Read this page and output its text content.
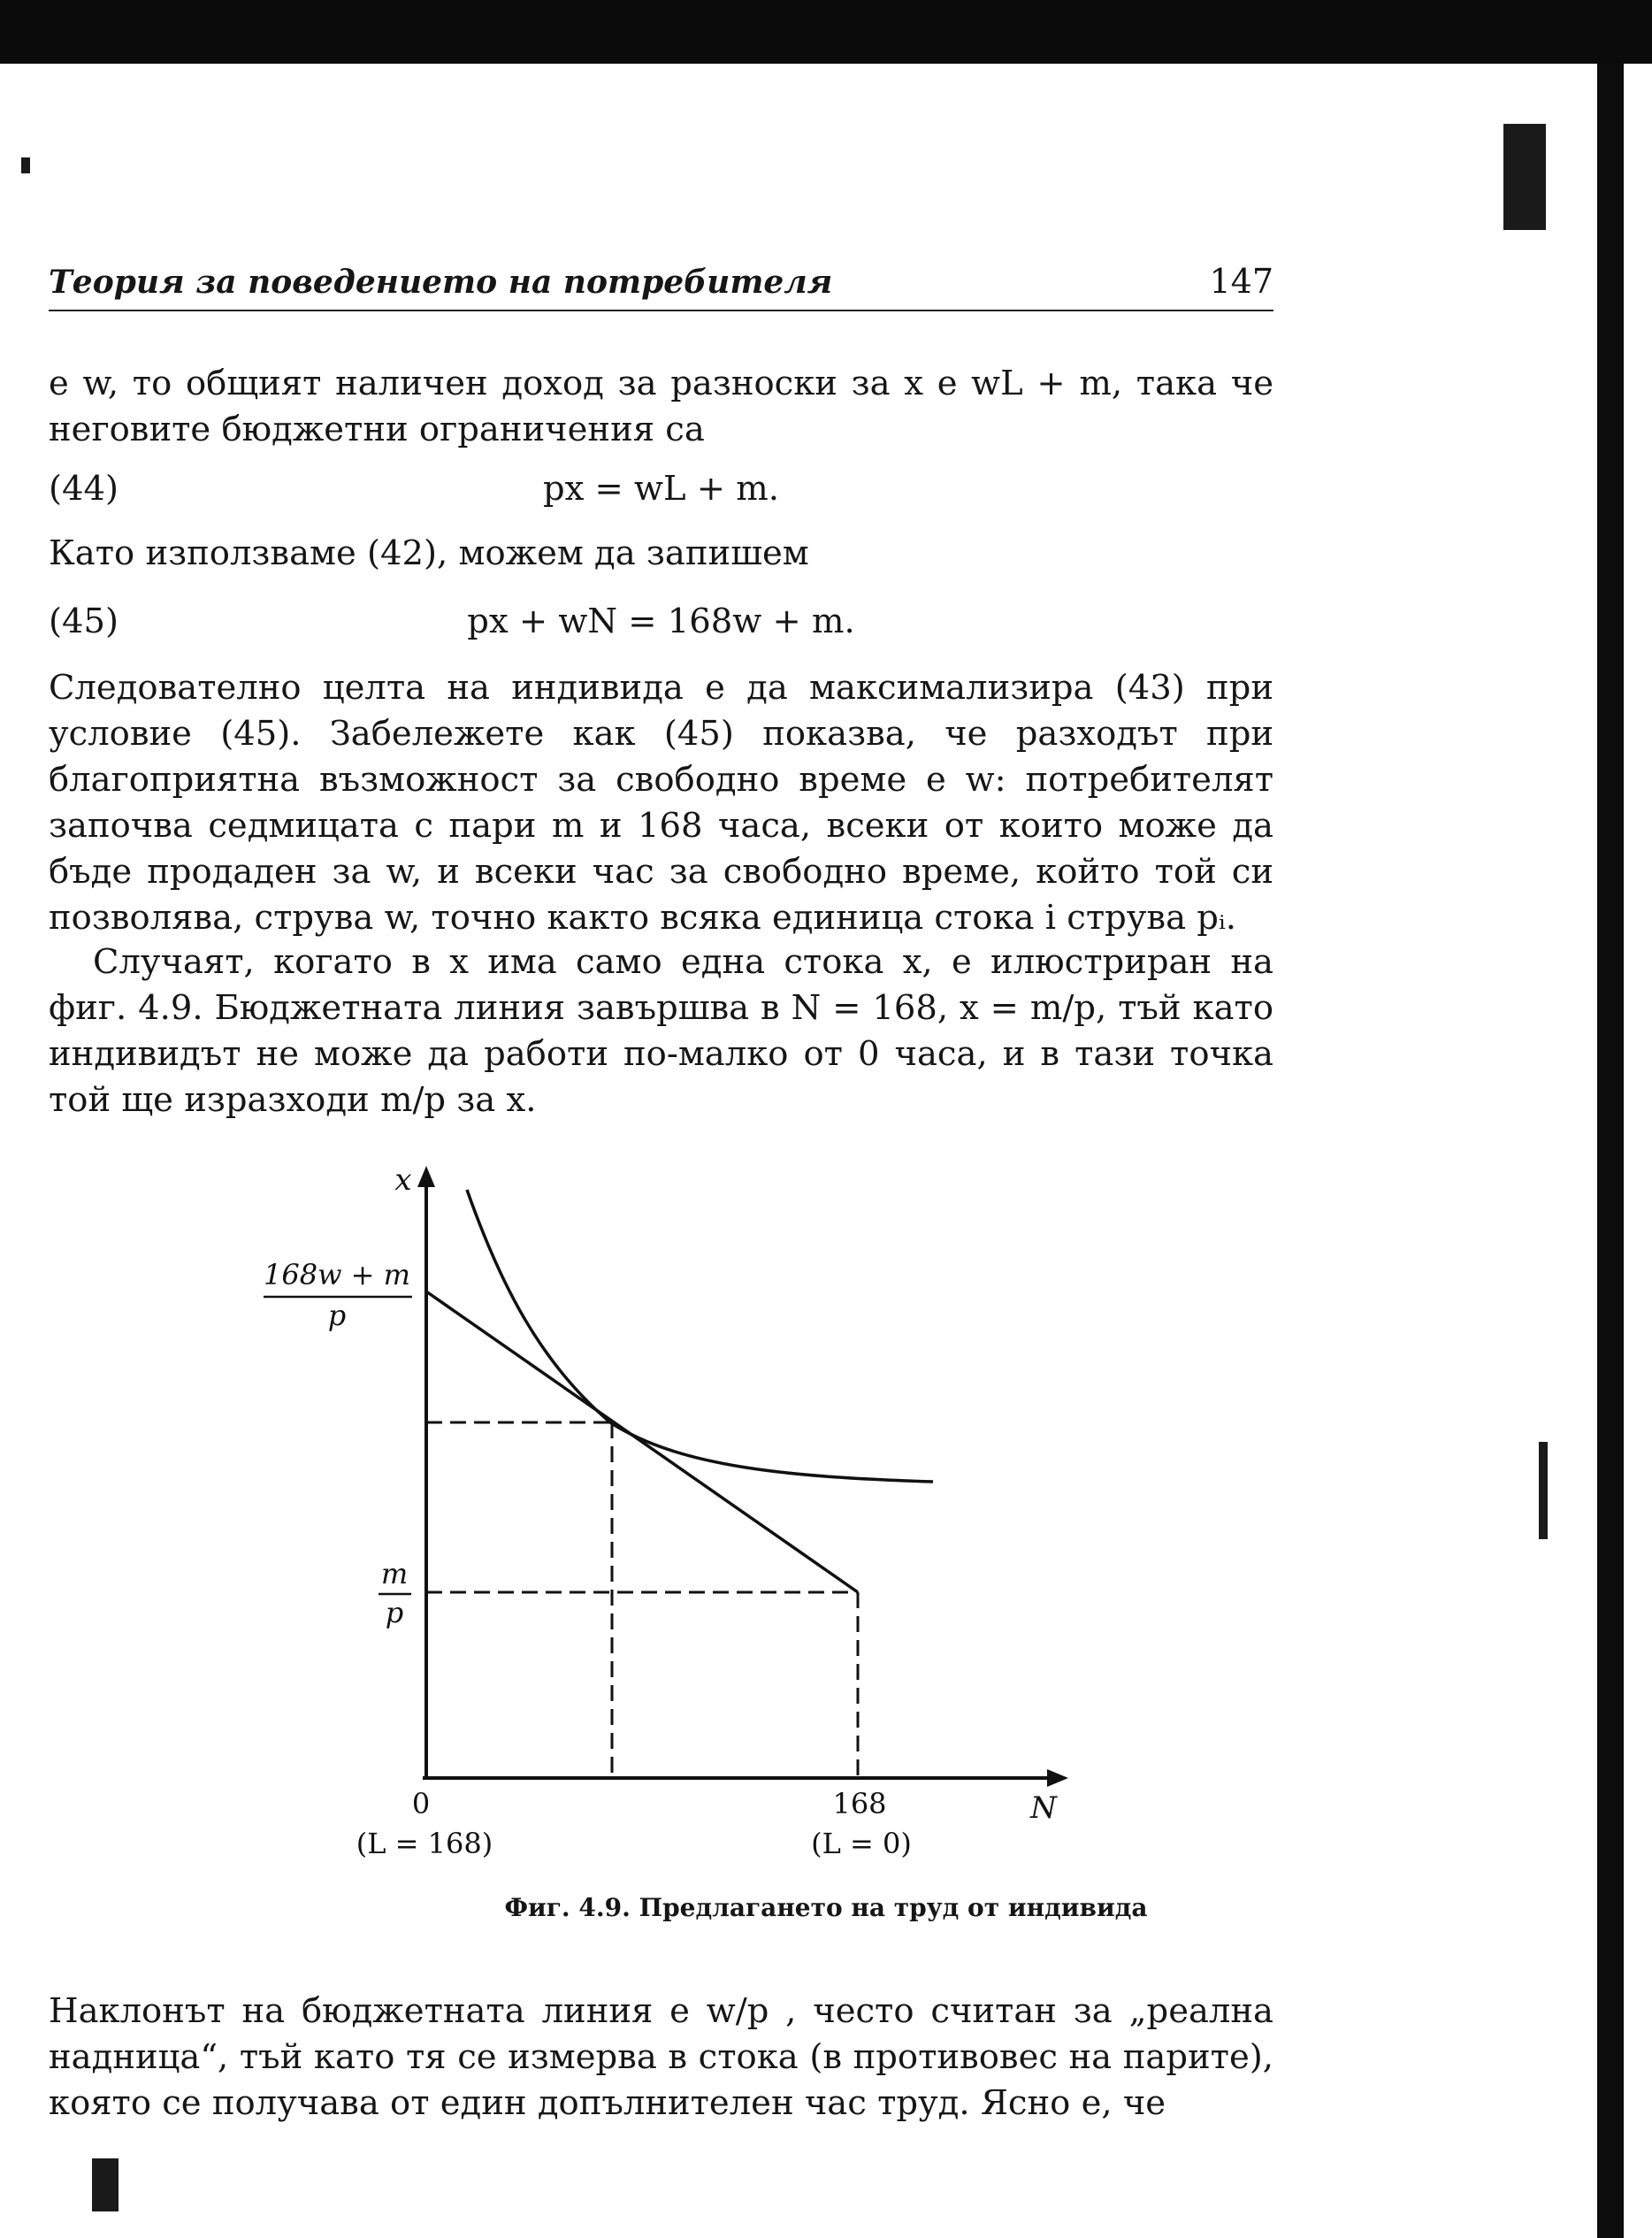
Теория за поведението на потребителя	147

е w, то общият наличен доход за разноски за x е wL + m, така че неговите бюджетни ограничения са

(44)	px = wL + m.

Като използваме (42), можем да запишем

(45)	px + wN = 168w + m.

Следователно целта на индивида е да максимализира (43) при условие (45). Забележете как (45) показва, че разходът при благоприятна възможност за свободно време е w: потребителят започва седмицата с пари m и 168 часа, всеки от които може да бъде продаден за w, и всеки час за свободно време, който той си позволява, струва w, точно както всяка единица стока i струва pᵢ.

Случаят, когато в x има само една стока x, е илюстриран на фиг. 4.9. Бюджетната линия завършва в N = 168, x = m/p, тъй като индивидът не може да работи по-малко от 0 часа, и в тази точка той ще изразходи m/p за x.

x
N
168w + m
p
m
p
0
(L = 168)
168
(L = 0)
Фиг. 4.9. Предлагането на труд от индивида

Наклонът на бюджетната линия е w/p , често считан за „реална надница“, тъй като тя се измерва в стока (в противовес на парите), която се получава от един допълнителен час труд. Ясно е, че
